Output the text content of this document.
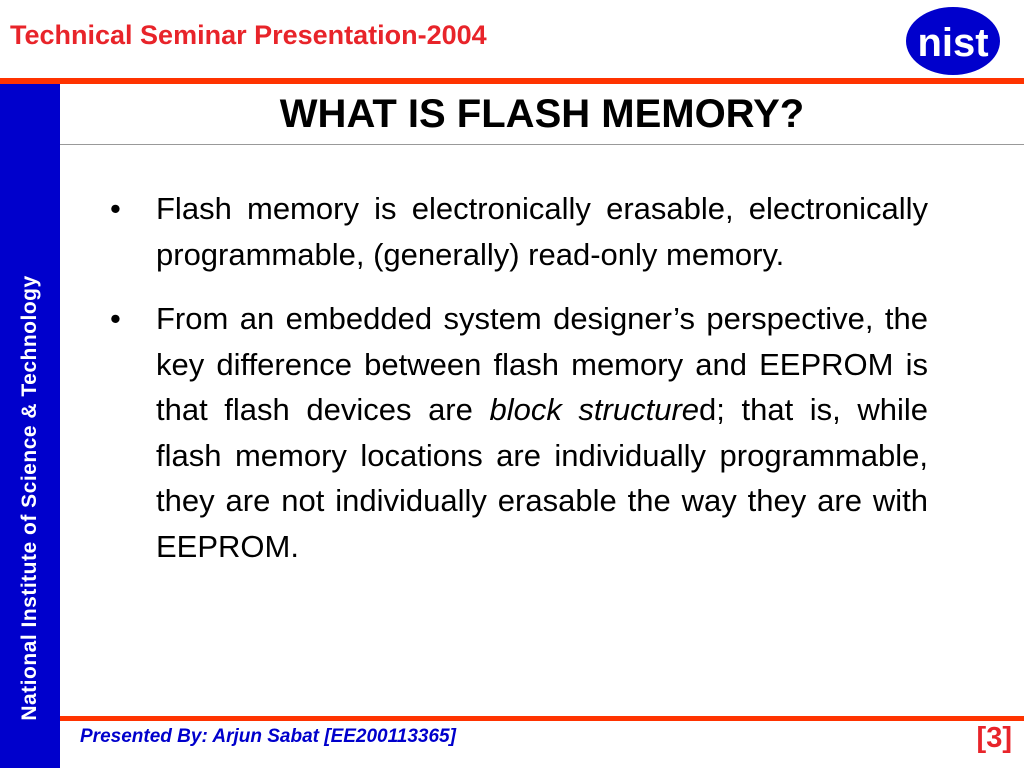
Technical Seminar Presentation-2004	nist
National Institute of Science & Technology
WHAT IS FLASH MEMORY?
• Flash memory is electronically erasable, electronically programmable, (generally) read-only memory.
• From an embedded system designer’s perspective, the key difference between flash memory and EEPROM is that flash devices are block structured; that is, while flash memory locations are individually programmable, they are not individually erasable the way they are with EEPROM.
Presented By: Arjun Sabat [EE200113365]	[3]
